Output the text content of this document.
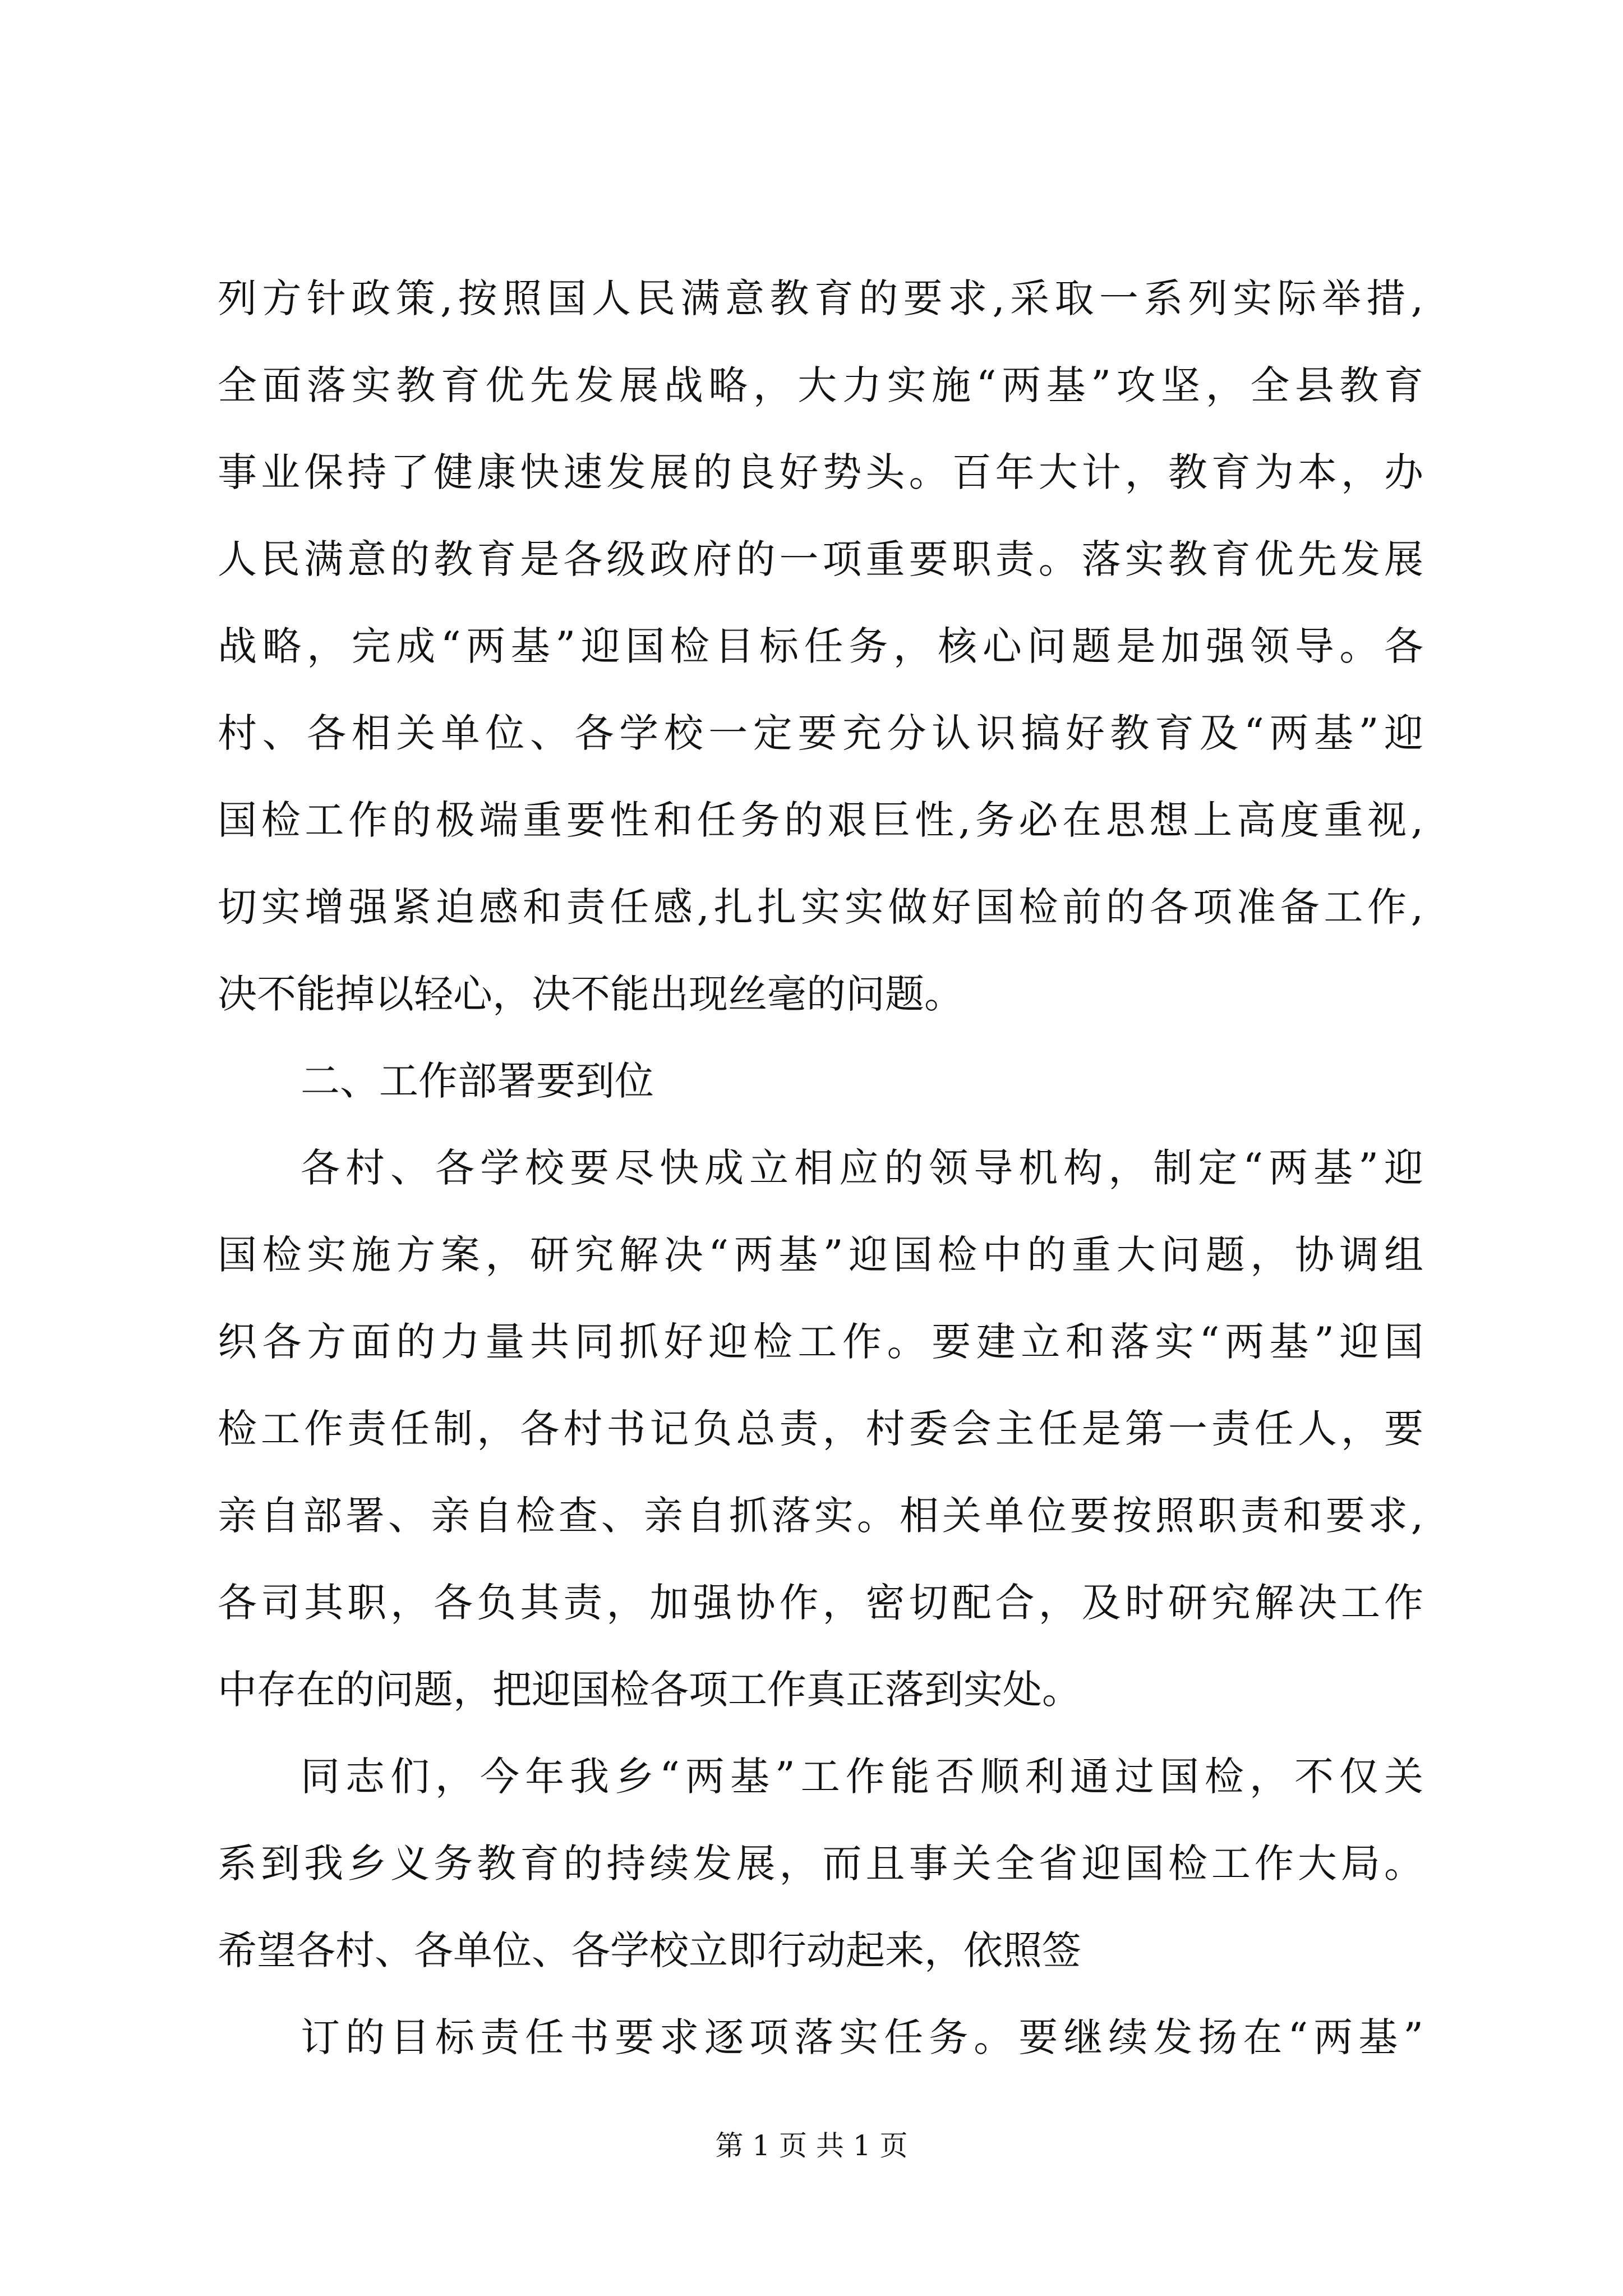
列方针政策,按照国人民满意教育的要求,采取一系列实际举措,
全面落实教育优先发展战略，大力实施“两基”攻坚，全县教育
事业保持了健康快速发展的良好势头。百年大计，教育为本，办
人民满意的教育是各级政府的一项重要职责。落实教育优先发展
战略，完成“两基”迎国检目标任务，核心问题是加强领导。各
村、各相关单位、各学校一定要充分认识搞好教育及“两基”迎
国检工作的极端重要性和任务的艰巨性,务必在思想上高度重视,
切实增强紧迫感和责任感,扎扎实实做好国检前的各项准备工作,
决不能掉以轻心，决不能出现丝毫的问题。
二、工作部署要到位
各村、各学校要尽快成立相应的领导机构，制定“两基”迎
国检实施方案，研究解决“两基”迎国检中的重大问题，协调组
织各方面的力量共同抓好迎检工作。要建立和落实“两基”迎国
检工作责任制，各村书记负总责，村委会主任是第一责任人，要
亲自部署、亲自检查、亲自抓落实。相关单位要按照职责和要求,
各司其职，各负其责，加强协作，密切配合，及时研究解决工作
中存在的问题，把迎国检各项工作真正落到实处。
同志们，今年我乡“两基”工作能否顺利通过国检，不仅关
系到我乡义务教育的持续发展，而且事关全省迎国检工作大局。
希望各村、各单位、各学校立即行动起来，依照签
订的目标责任书要求逐项落实任务。要继续发扬在“两基”
第 1 页 共 1 页
